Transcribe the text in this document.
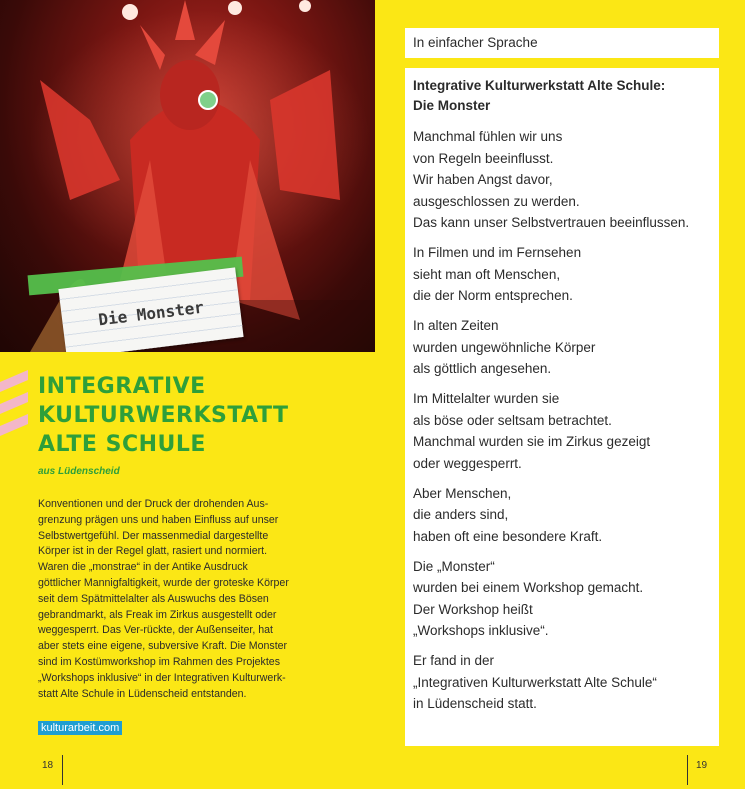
Die Monster
INTEGRATIVE
KULTURWERKSTATT
ALTE SCHULE
aus Lüdenscheid

Konventionen und der Druck der drohenden Aus-
grenzung prägen uns und haben Einfluss auf unser
Selbstwertgefühl. Der massenmedial dargestellte
Körper ist in der Regel glatt, rasiert und normiert.
Waren die „monstrae“ in der Antike Ausdruck
göttlicher Mannigfaltigkeit, wurde der groteske Körper
seit dem Spätmittelalter als Auswuchs des Bösen
gebrandmarkt, als Freak im Zirkus ausgestellt oder
weggesperrt. Das Ver-rückte, der Außenseiter, hat
aber stets eine eigene, subversive Kraft. Die Monster
sind im Kostümworkshop im Rahmen des Projektes
„Workshops inklusive“ in der Integrativen Kulturwerk-
statt Alte Schule in Lüdenscheid entstanden.

kulturarbeit.com
18
In einfacher Sprache
Integrative Kulturwerkstatt Alte Schule:
Die Monster

Manchmal fühlen wir uns
von Regeln beeinflusst.
Wir haben Angst davor,
ausgeschlossen zu werden.
Das kann unser Selbstvertrauen beeinflussen.

In Filmen und im Fernsehen
sieht man oft Menschen,
die der Norm entsprechen.

In alten Zeiten
wurden ungewöhnliche Körper
als göttlich angesehen.

Im Mittelalter wurden sie
als böse oder seltsam betrachtet.
Manchmal wurden sie im Zirkus gezeigt
oder weggesperrt.

Aber Menschen,
die anders sind,
haben oft eine besondere Kraft.

Die „Monster“
wurden bei einem Workshop gemacht.
Der Workshop heißt
„Workshops inklusive“.

Er fand in der
„Integrativen Kulturwerkstatt Alte Schule“
in Lüdenscheid statt.

19
